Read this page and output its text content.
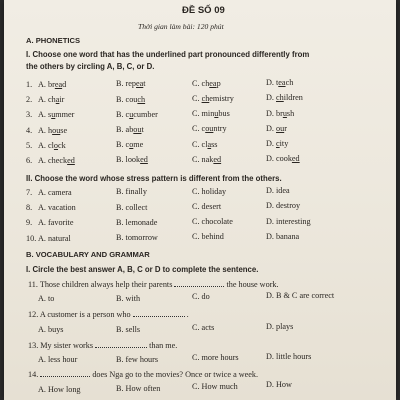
ĐỀ SỐ 09
Thời gian làm bài: 120 phút
A. PHONETICS
I. Choose one word that has the underlined part pronounced differently from
the others by circling A, B, C, or D.
1. A. bread	B. repeat	C. cheap	D. teach
2. A. chair	B. couch	C. chemistry	D. children
3. A. summer	B. cucumber	C. minubus	D. brush
4. A. house	B. about	C. country	D. our
5. A. clock	B. come	C. class	D. city
6. A. checked	B. looked	C. naked	D. cooked
II. Choose the word whose stress pattern is different from the others.
7. A. camera	B. finally	C. holiday	D. idea
8. A. vacation	B. collect	C. desert	D. destroy
9. A. favorite	B. lemonade	C. chocolate	D. interesting
10. A. natural	B. tomorrow	C. behind	D. banana
B. VOCABULARY AND GRAMMAR
I. Circle the best answer A, B, C or D to complete the sentence.
11. Those children always help their parents	the house work.
A. to	B. with	C. do	D. B & C are correct
12. A customer is a person who	.
A. buys	B. sells	C. acts	D. plays
13. My sister works	than me.
A. less hour	B. few hours	C. more hours	D. little hours
14.	does Nga go to the movies? Once or twice a week.
A. How long	B. How often	C. How much	D. How
